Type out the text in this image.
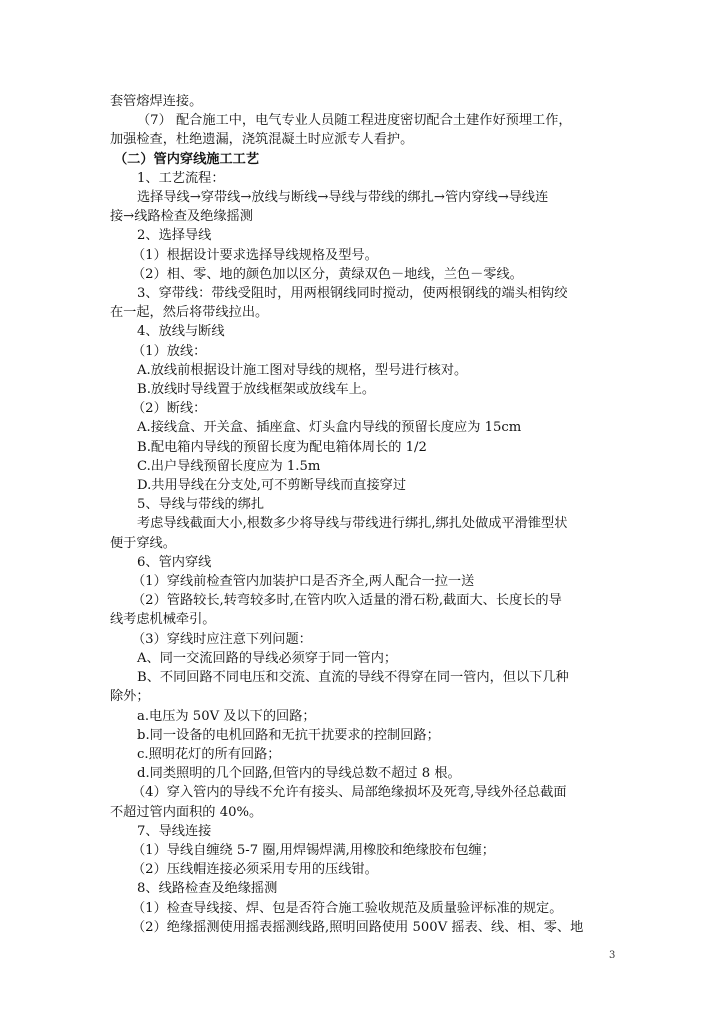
套管熔焊连接。

（7） 配合施工中，电气专业人员随工程进度密切配合土建作好预埋工作，

加强检查，杜绝遗漏，浇筑混凝土时应派专人看护。

（二）管内穿线施工工艺

1、工艺流程：

选择导线→穿带线→放线与断线→导线与带线的绑扎→管内穿线→导线连

接→线路检查及绝缘摇测

2、选择导线

（1）根据设计要求选择导线规格及型号。

（2）相、零、地的颜色加以区分，黄绿双色－地线，兰色－零线。

3、穿带线：带线受阻时，用两根钢线同时搅动，使两根钢线的端头相钩绞

在一起，然后将带线拉出。

4、放线与断线

（1）放线：

A.放线前根据设计施工图对导线的规格，型号进行核对。

B.放线时导线置于放线框架或放线车上。

（2）断线：

A.接线盒、开关盒、插座盒、灯头盒内导线的预留长度应为 15cm

B.配电箱内导线的预留长度为配电箱体周长的 1/2

C.出户导线预留长度应为 1.5m

D.共用导线在分支处,可不剪断导线而直接穿过

5、导线与带线的绑扎

考虑导线截面大小,根数多少将导线与带线进行绑扎,绑扎处做成平滑锥型状

便于穿线。

6、管内穿线

（1）穿线前检查管内加装护口是否齐全,两人配合一拉一送

（2）管路较长,转弯较多时,在管内吹入适量的滑石粉,截面大、长度长的导

线考虑机械牵引。

（3）穿线时应注意下列问题：

A、同一交流回路的导线必须穿于同一管内；

B、不同回路不同电压和交流、直流的导线不得穿在同一管内，但以下几种

除外；

a.电压为 50V 及以下的回路；

b.同一设备的电机回路和无抗干扰要求的控制回路；

c.照明花灯的所有回路；

d.同类照明的几个回路,但管内的导线总数不超过 8 根。

（4）穿入管内的导线不允许有接头、局部绝缘损坏及死弯,导线外径总截面

不超过管内面积的 40%。

7、导线连接

（1）导线自缠绕 5-7 圈,用焊锡焊满,用橡胶和绝缘胶布包缠；

（2）压线帽连接必须采用专用的压线钳。

8、线路检查及绝缘摇测

（1）检查导线接、焊、包是否符合施工验收规范及质量验评标准的规定。

（2）绝缘摇测使用摇表摇测线路,照明回路使用 500V 摇表、线、相、零、地

3
